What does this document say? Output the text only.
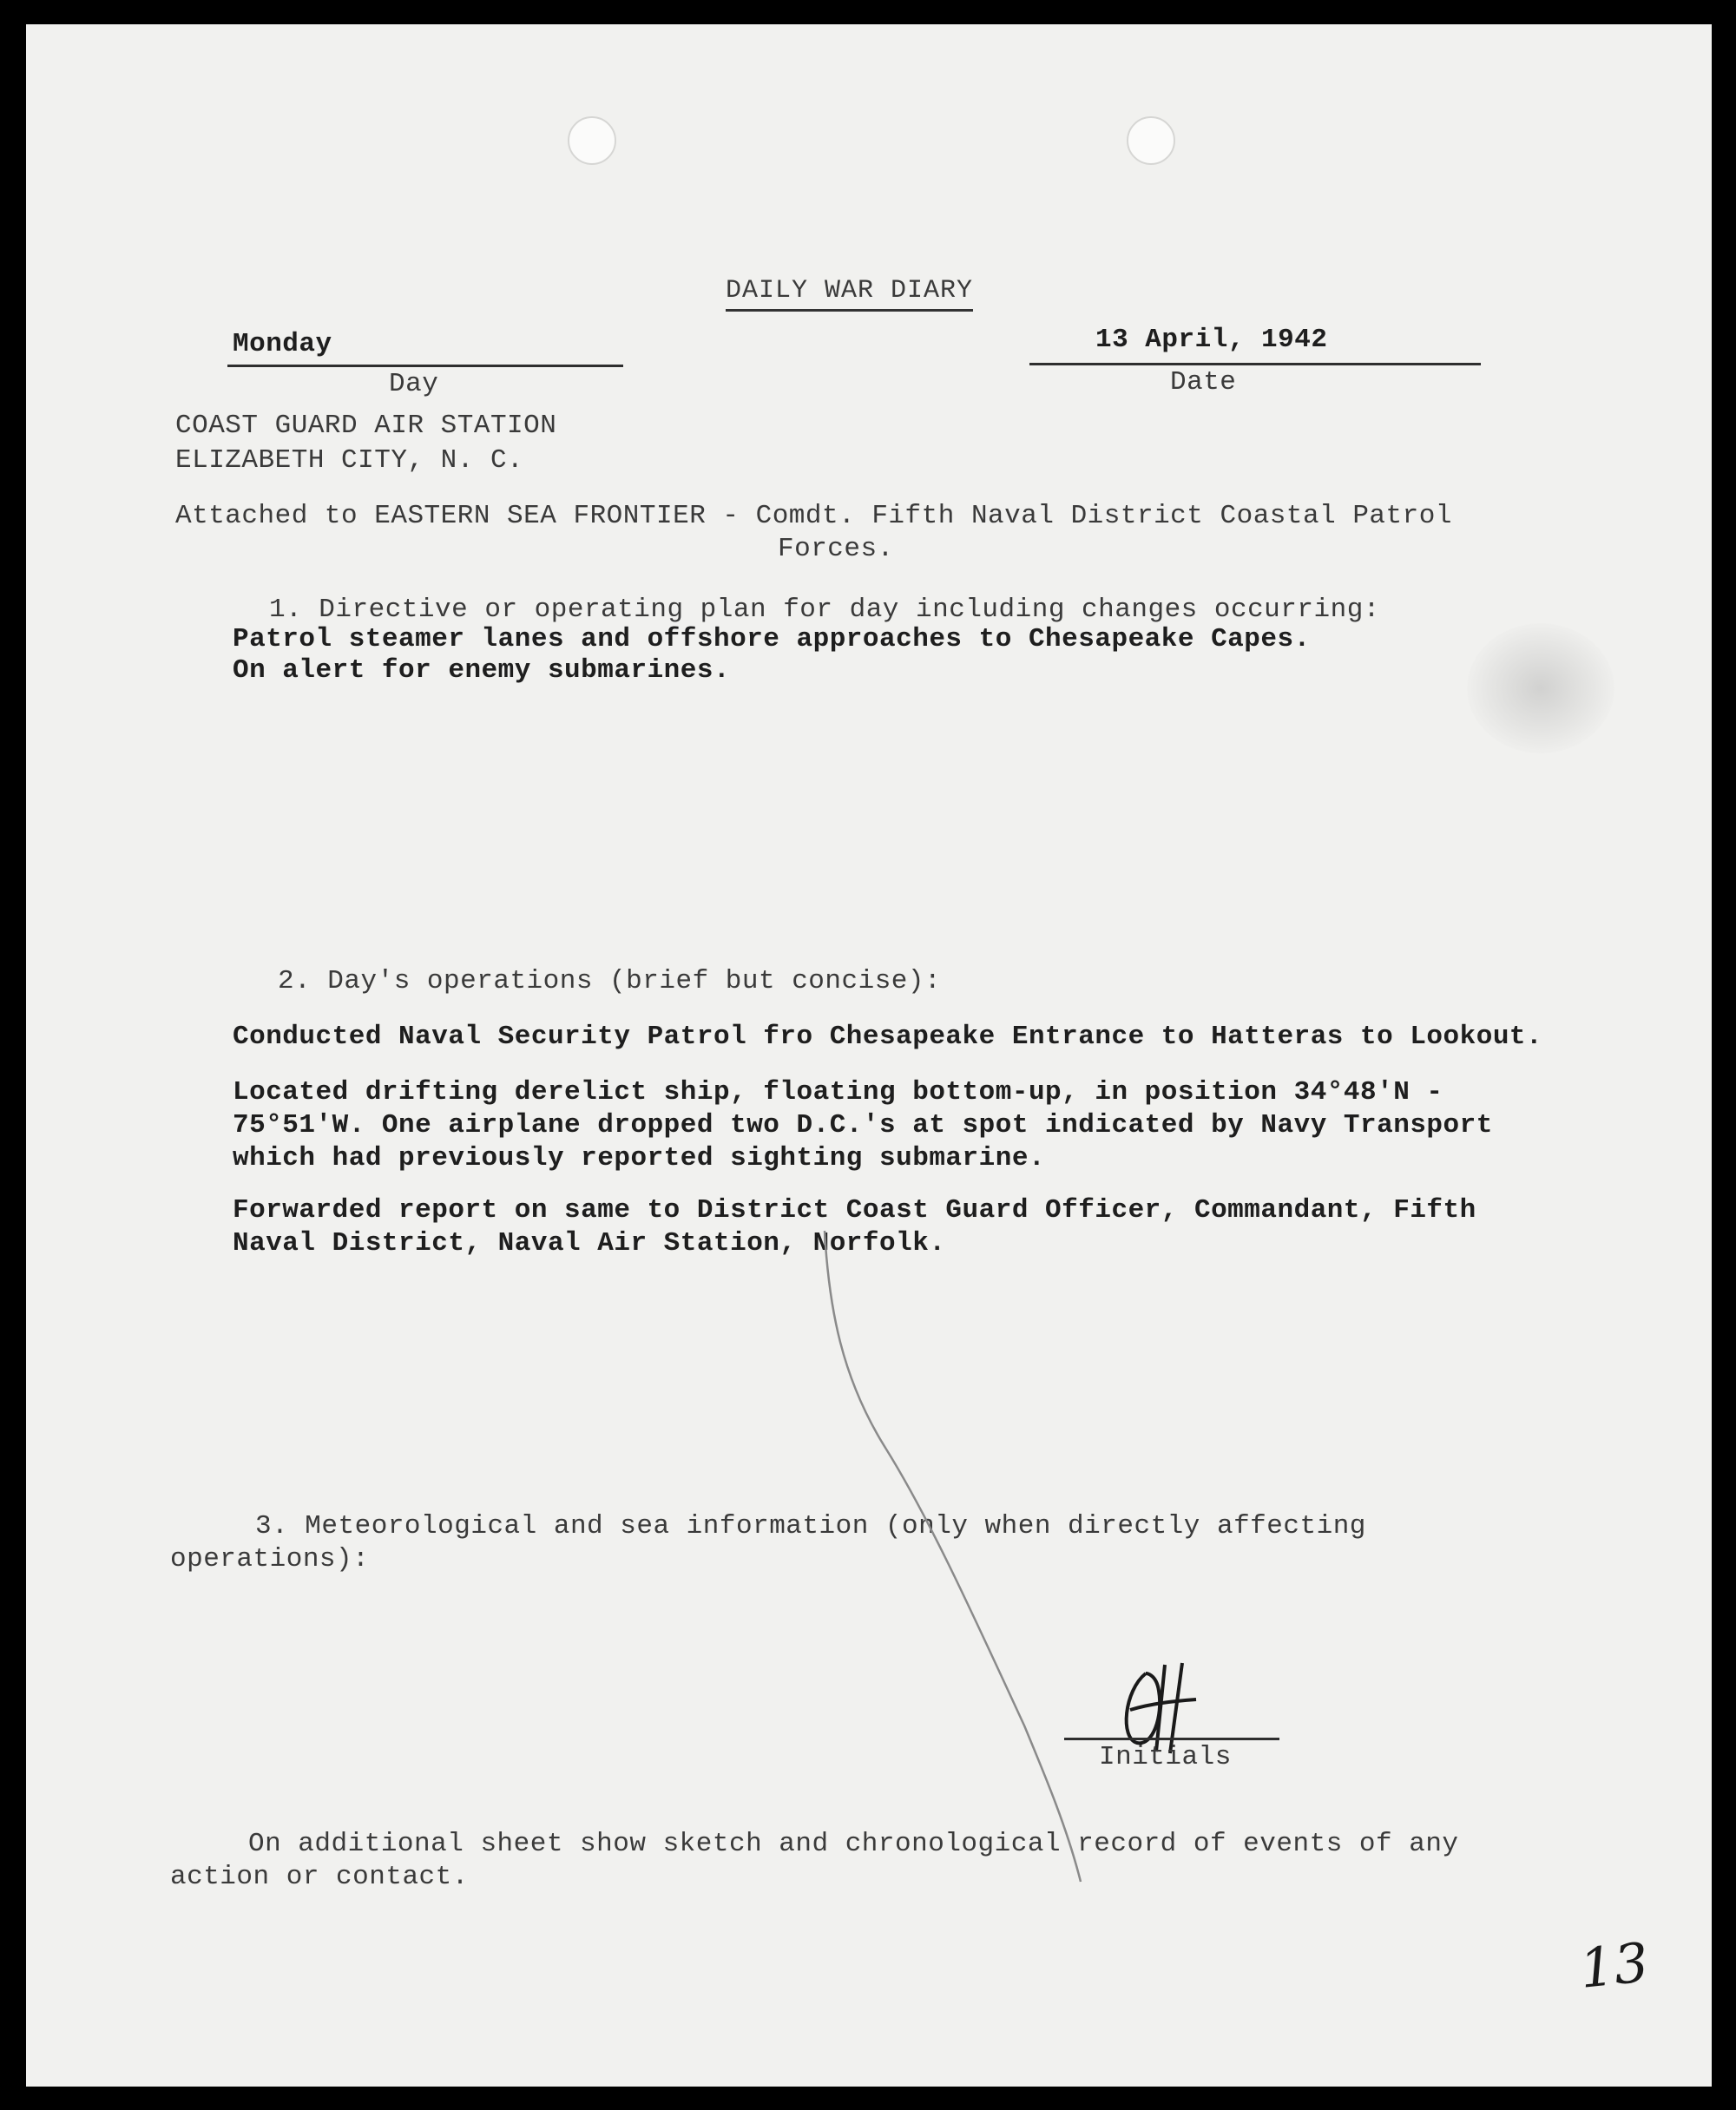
DAILY WAR DIARY
Monday
Day
13 April, 1942
Date
COAST GUARD AIR STATION
ELIZABETH CITY, N. C.
Attached to EASTERN SEA FRONTIER - Comdt. Fifth Naval District Coastal Patrol
Forces.
1. Directive or operating plan for day including changes occurring:
Patrol steamer lanes and offshore approaches to Chesapeake Capes.
On alert for enemy submarines.
2. Day's operations (brief but concise):
Conducted Naval Security Patrol fro Chesapeake Entrance to Hatteras to Lookout.
Located drifting derelict ship, floating bottom-up, in position 34°48'N -
75°51'W. One airplane dropped two D.C.'s at spot indicated by Navy Transport
which had previously reported sighting submarine.
Forwarded report on same to District Coast Guard Officer, Commandant, Fifth
Naval District, Naval Air Station, Norfolk.
3. Meteorological and sea information (only when directly affecting
operations):
Initials
On additional sheet show sketch and chronological record of events of any
action or contact.
13
